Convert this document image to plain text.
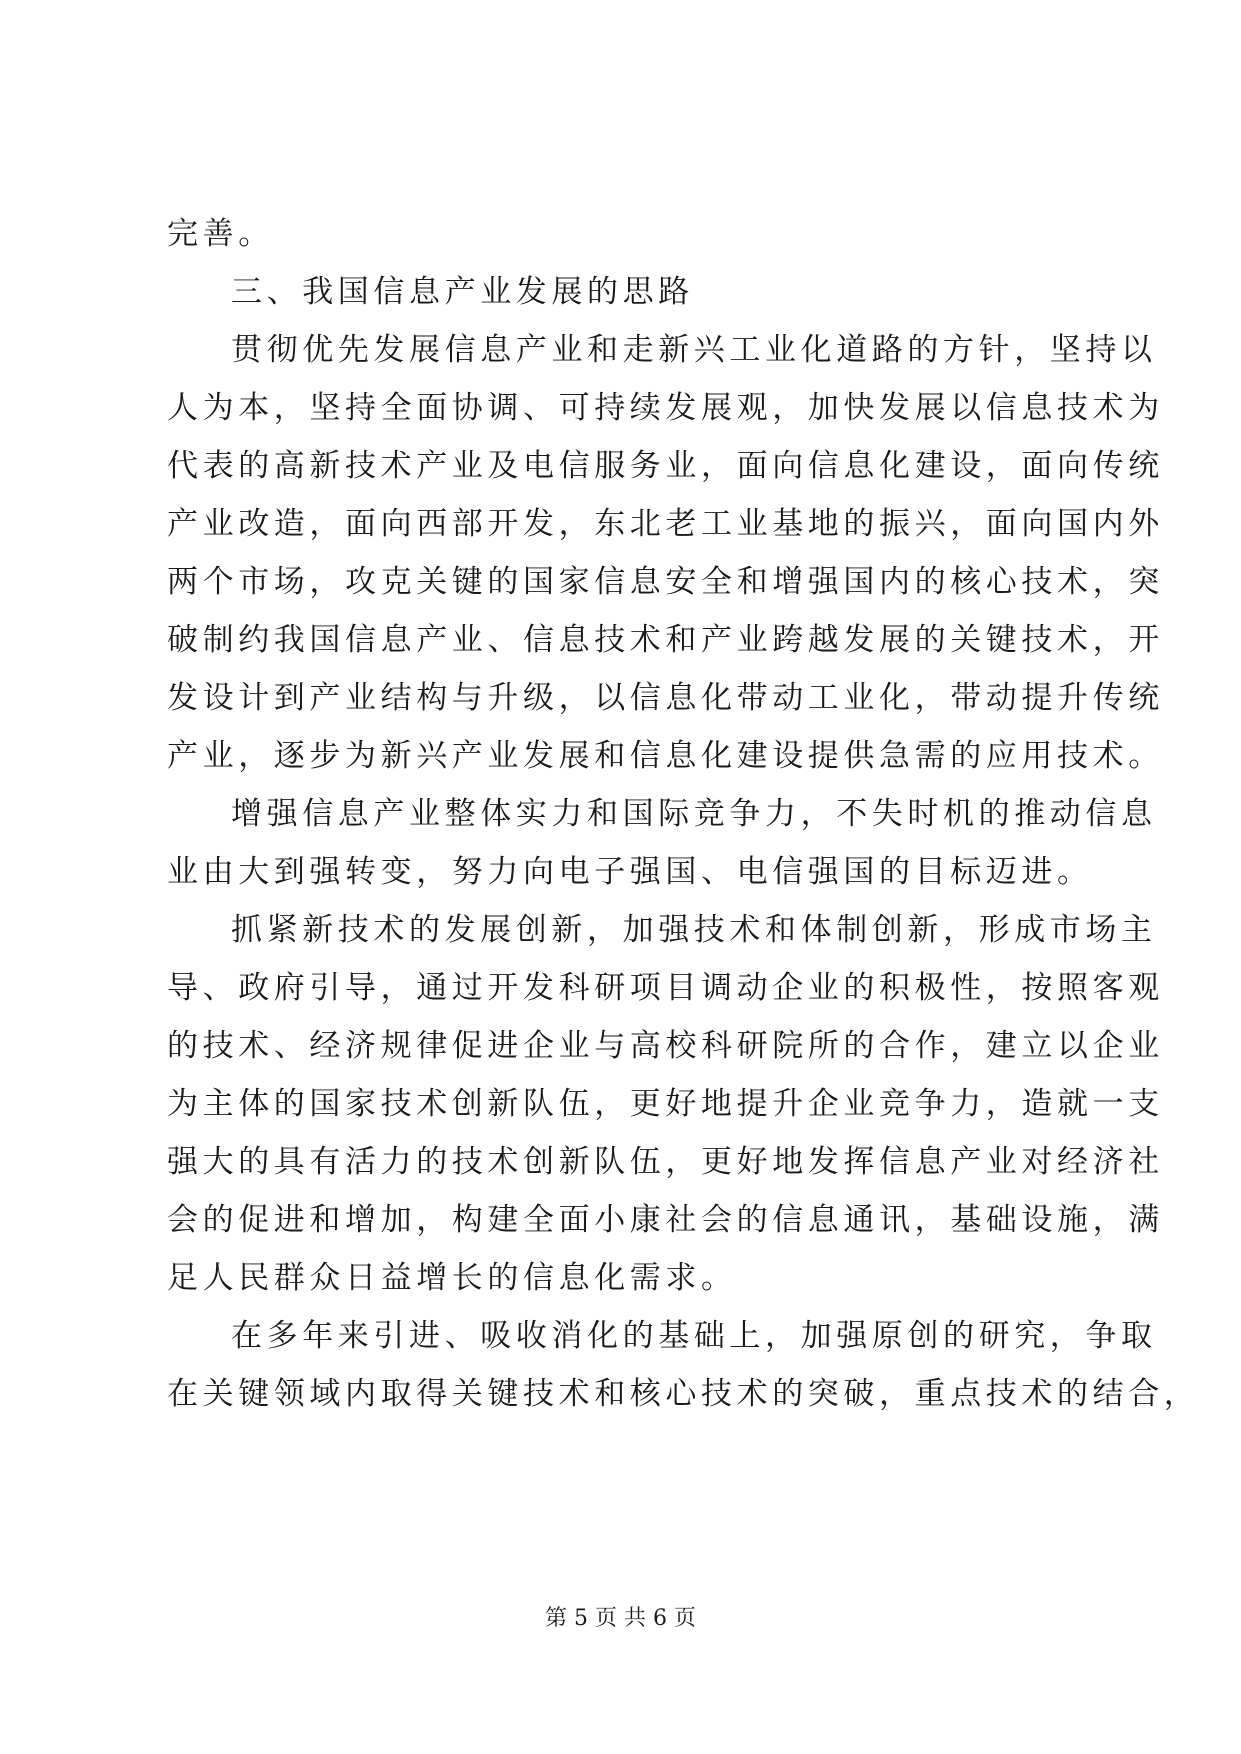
完善。
三、我国信息产业发展的思路
贯彻优先发展信息产业和走新兴工业化道路的方针，坚持以
人为本，坚持全面协调、可持续发展观，加快发展以信息技术为
代表的高新技术产业及电信服务业，面向信息化建设，面向传统
产业改造，面向西部开发，东北老工业基地的振兴，面向国内外
两个市场，攻克关键的国家信息安全和增强国内的核心技术，突
破制约我国信息产业、信息技术和产业跨越发展的关键技术，开
发设计到产业结构与升级，以信息化带动工业化，带动提升传统
产业，逐步为新兴产业发展和信息化建设提供急需的应用技术。
增强信息产业整体实力和国际竞争力，不失时机的推动信息
业由大到强转变，努力向电子强国、电信强国的目标迈进。
抓紧新技术的发展创新，加强技术和体制创新，形成市场主
导、政府引导，通过开发科研项目调动企业的积极性，按照客观
的技术、经济规律促进企业与高校科研院所的合作，建立以企业
为主体的国家技术创新队伍，更好地提升企业竞争力，造就一支
强大的具有活力的技术创新队伍，更好地发挥信息产业对经济社
会的促进和增加，构建全面小康社会的信息通讯，基础设施，满
足人民群众日益增长的信息化需求。
在多年来引进、吸收消化的基础上，加强原创的研究，争取
在关键领域内取得关键技术和核心技术的突破，重点技术的结合，
第 5 页 共 6 页
